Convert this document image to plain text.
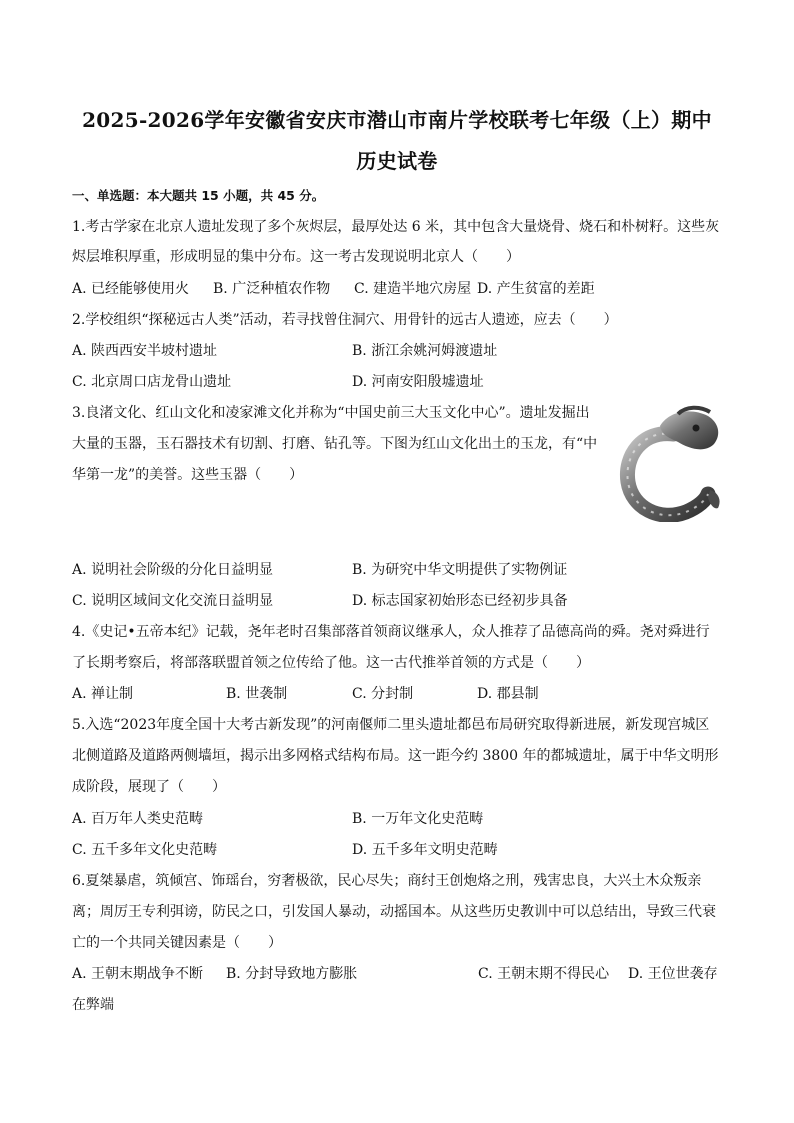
2025-2026学年安徽省安庆市潜山市南片学校联考七年级（上）期中
历史试卷
一、单选题：本大题共 15 小题，共 45 分。
1.考古学家在北京人遗址发现了多个灰烬层，最厚处达 6 米，其中包含大量烧骨、烧石和朴树籽。这些灰
烬层堆积厚重，形成明显的集中分布。这一考古发现说明北京人（　　）
A. 已经能够使用火 B. 广泛种植农作物 C. 建造半地穴房屋 D. 产生贫富的差距
2.学校组织“探秘远古人类”活动，若寻找曾住洞穴、用骨针的远古人遗迹，应去（　　）
A. 陕西西安半坡村遗址	B. 浙江余姚河姆渡遗址
C. 北京周口店龙骨山遗址	D. 河南安阳殷墟遗址
3.良渚文化、红山文化和凌家滩文化并称为“中国史前三大玉文化中心”。遗址发掘出
大量的玉器，玉石器技术有切割、打磨、钻孔等。下图为红山文化出土的玉龙，有“中
华第一龙”的美誉。这些玉器（　　）
A. 说明社会阶级的分化日益明显	B. 为研究中华文明提供了实物例证
C. 说明区域间文化交流日益明显	D. 标志国家初始形态已经初步具备
4.《史记•五帝本纪》记载，尧年老时召集部落首领商议继承人，众人推荐了品德高尚的舜。尧对舜进行
了长期考察后，将部落联盟首领之位传给了他。这一古代推举首领的方式是（　　）
A. 禅让制	B. 世袭制	C. 分封制	D. 郡县制
5.入选“2023年度全国十大考古新发现”的河南偃师二里头遗址都邑布局研究取得新进展，新发现宫城区
北侧道路及道路两侧墙垣，揭示出多网格式结构布局。这一距今约 3800 年的都城遗址，属于中华文明形
成阶段，展现了（　　）
A. 百万年人类史范畴	B. 一万年文化史范畴
C. 五千多年文化史范畴	D. 五千多年文明史范畴
6.夏桀暴虐，筑倾宫、饰瑶台，穷奢极欲，民心尽失；商纣王创炮烙之刑，残害忠良，大兴土木众叛亲
离；周厉王专利弭谤，防民之口，引发国人暴动，动摇国本。从这些历史教训中可以总结出，导致三代衰
亡的一个共同关键因素是（　　）
A. 王朝末期战争不断 B. 分封导致地方膨胀	C. 王朝末期不得民心 D. 王位世袭存
在弊端
